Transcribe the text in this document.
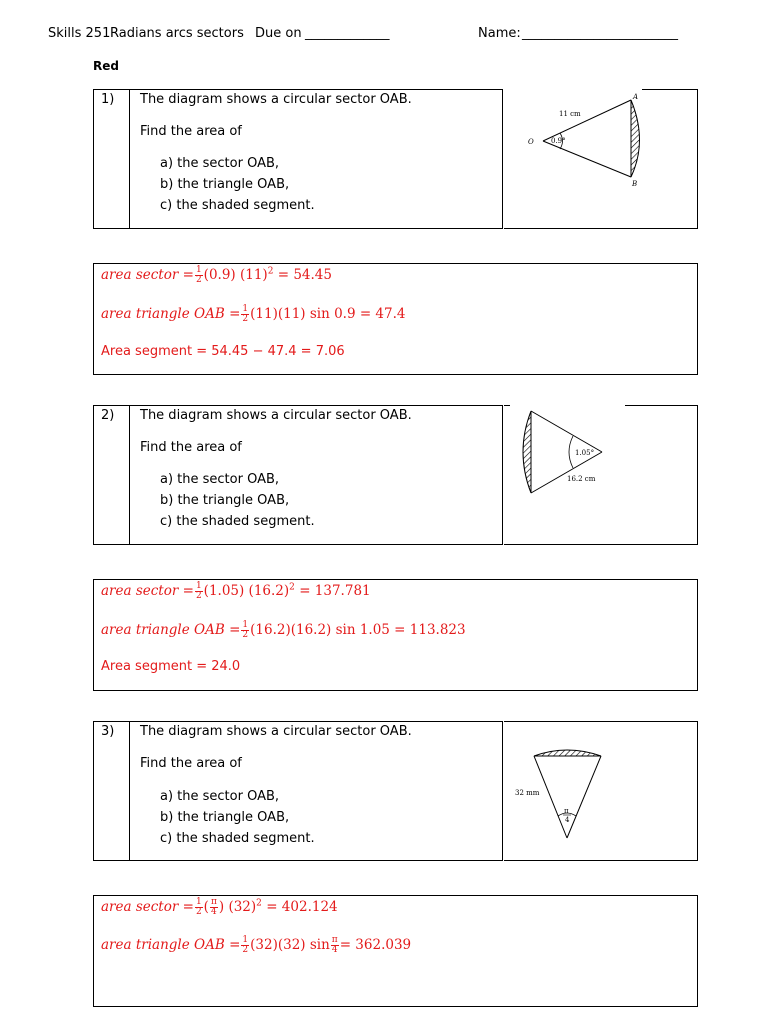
Skills 251 Radians arcs sectors Due on _____________	Name: ________________________
Red
1) The diagram shows a circular sector OAB.
Find the area of
a) the sector OAB,
b) the triangle OAB,
c) the shaded segment.
11 cm
0.9°
O
A
B
area sector = $\frac{1}{2} (0.9) (11)^2 = 54.45$
area triangle OAB = $\frac{1}{2} (11)(11)$ sin 0.9 = 47.4
Area segment = 54.45 − 47.4 = 7.06
2) The diagram shows a circular sector OAB.
Find the area of
a) the sector OAB,
b) the triangle OAB,
c) the shaded segment.
1.05°
16.2 cm
area sector = $\frac{1}{2} (1.05) (16.2)^2 = 137.781$
area triangle OAB = $\frac{1}{2} (16.2)(16.2)$ sin 1.05 = 113.823
Area segment = 24.0
3) The diagram shows a circular sector OAB.
Find the area of
a) the sector OAB,
b) the triangle OAB,
c) the shaded segment.
32 mm
π
4
area sector = $\frac{1}{2}$ ( $\frac{\pi}{4}$ ) $(32)^2 = 402.124$
area triangle OAB = $\frac{1}{2} (32)(32)$ $\sin \frac{\pi}{4} = 362.039$
